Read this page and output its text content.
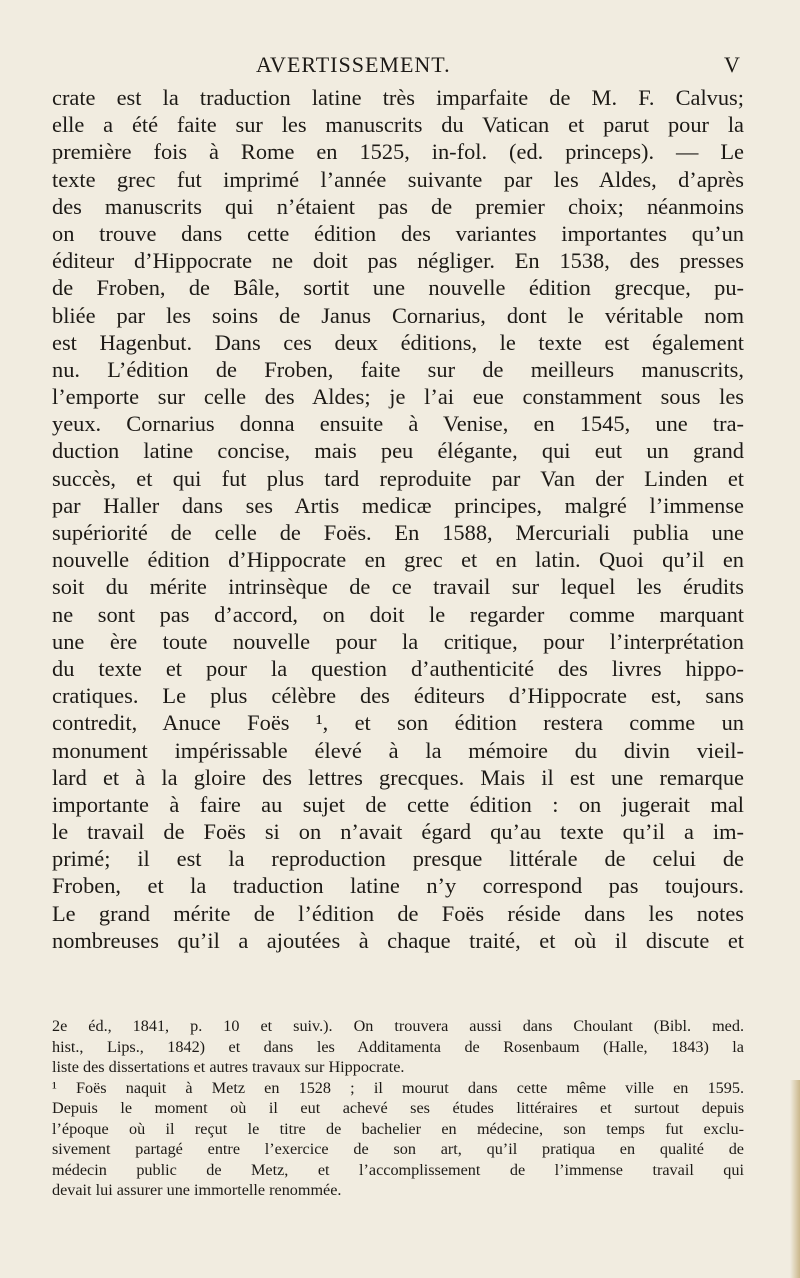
AVERTISSEMENT.	V
crate est la traduction latine très imparfaite de M. F. Calvus;
elle a été faite sur les manuscrits du Vatican et parut pour la
première fois à Rome en 1525, in-fol. (ed. princeps). — Le
texte grec fut imprimé l’année suivante par les Aldes, d’après
des manuscrits qui n’étaient pas de premier choix; néanmoins
on trouve dans cette édition des variantes importantes qu’un
éditeur d’Hippocrate ne doit pas négliger. En 1538, des presses
de Froben, de Bâle, sortit une nouvelle édition grecque, pu-
bliée par les soins de Janus Cornarius, dont le véritable nom
est Hagenbut. Dans ces deux éditions, le texte est également
nu. L’édition de Froben, faite sur de meilleurs manuscrits,
l’emporte sur celle des Aldes; je l’ai eue constamment sous les
yeux. Cornarius donna ensuite à Venise, en 1545, une tra-
duction latine concise, mais peu élégante, qui eut un grand
succès, et qui fut plus tard reproduite par Van der Linden et
par Haller dans ses Artis medicæ principes, malgré l’immense
supériorité de celle de Foës. En 1588, Mercuriali publia une
nouvelle édition d’Hippocrate en grec et en latin. Quoi qu’il en
soit du mérite intrinsèque de ce travail sur lequel les érudits
ne sont pas d’accord, on doit le regarder comme marquant
une ère toute nouvelle pour la critique, pour l’interprétation
du texte et pour la question d’authenticité des livres hippo-
cratiques. Le plus célèbre des éditeurs d’Hippocrate est, sans
contredit, Anuce Foës ¹, et son édition restera comme un
monument impérissable élevé à la mémoire du divin vieil-
lard et à la gloire des lettres grecques. Mais il est une remarque
importante à faire au sujet de cette édition : on jugerait mal
le travail de Foës si on n’avait égard qu’au texte qu’il a im-
primé; il est la reproduction presque littérale de celui de
Froben, et la traduction latine n’y correspond pas toujours.
Le grand mérite de l’édition de Foës réside dans les notes
nombreuses qu’il a ajoutées à chaque traité, et où il discute et
2e éd., 1841, p. 10 et suiv.). On trouvera aussi dans Choulant (Bibl. med.
hist., Lips., 1842) et dans les Additamenta de Rosenbaum (Halle, 1843) la
liste des dissertations et autres travaux sur Hippocrate.
¹ Foës naquit à Metz en 1528 ; il mourut dans cette même ville en 1595.
Depuis le moment où il eut achevé ses études littéraires et surtout depuis
l’époque où il reçut le titre de bachelier en médecine, son temps fut exclu-
sivement partagé entre l’exercice de son art, qu’il pratiqua en qualité de
médecin public de Metz, et l’accomplissement de l’immense travail qui
devait lui assurer une immortelle renommée.
